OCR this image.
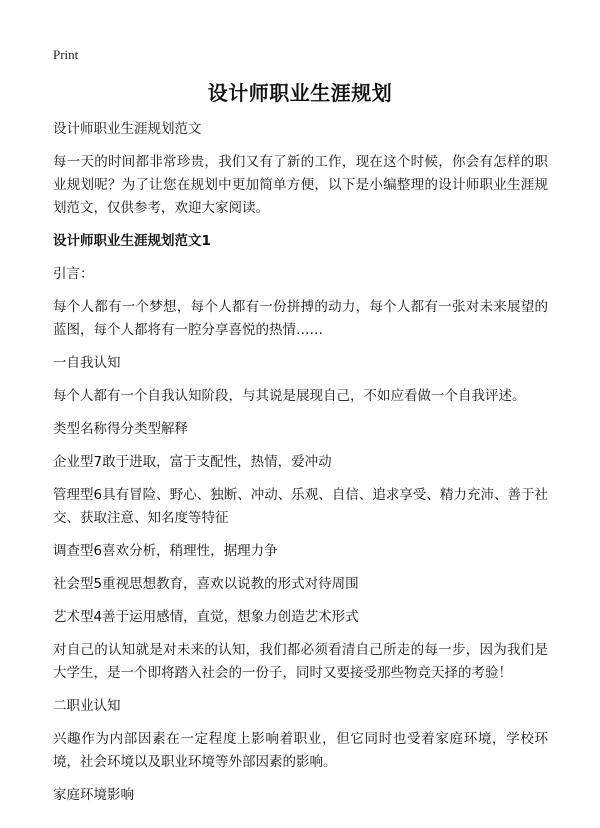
Print
设计师职业生涯规划

设计师职业生涯规划范文

每一天的时间都非常珍贵，我们又有了新的工作，现在这个时候，你会有怎样的职业规划呢？为了让您在规划中更加简单方便，以下是小编整理的设计师职业生涯规划范文，仅供参考，欢迎大家阅读。

设计师职业生涯规划范文1

引言：

每个人都有一个梦想，每个人都有一份拼搏的动力，每个人都有一张对未来展望的蓝图，每个人都将有一腔分享喜悦的热情……

一自我认知

每个人都有一个自我认知阶段，与其说是展现自己，不如应看做一个自我评述。

类型名称得分类型解释

企业型7敢于进取，富于支配性，热情，爱冲动

管理型6具有冒险、野心、独断、冲动、乐观、自信、追求享受、精力充沛、善于社交、获取注意、知名度等特征

调查型6喜欢分析，稍理性，据理力争

社会型5重视思想教育，喜欢以说教的形式对待周围

艺术型4善于运用感情，直觉，想象力创造艺术形式

对自己的认知就是对未来的认知，我们都必须看清自己所走的每一步，因为我们是大学生，是一个即将踏入社会的一份子，同时又要接受那些物竞天择的考验！

二职业认知

兴趣作为内部因素在一定程度上影响着职业，但它同时也受着家庭环境，学校环境，社会环境以及职业环境等外部因素的影响。

家庭环境影响
